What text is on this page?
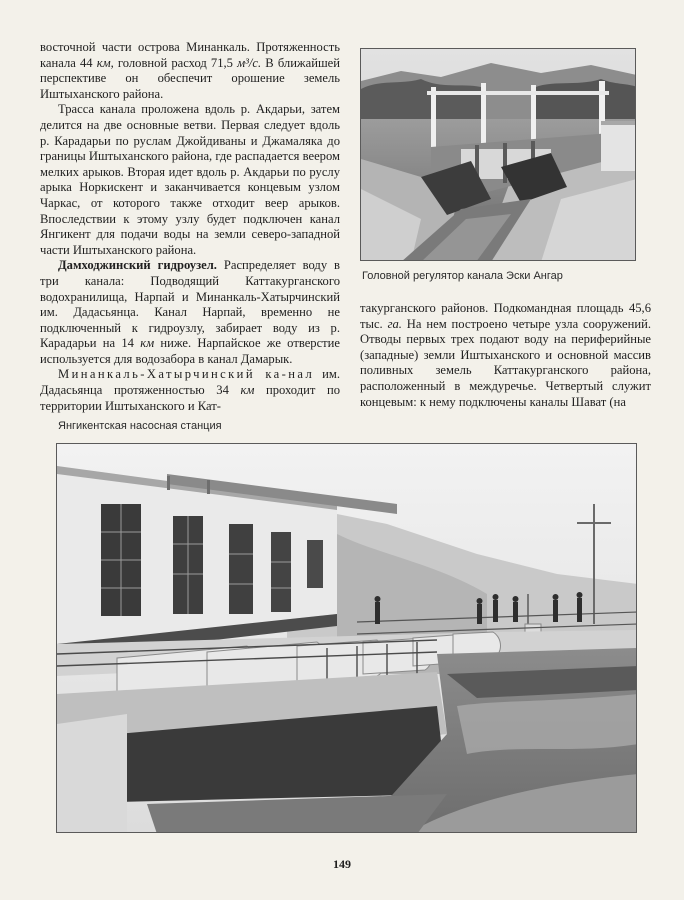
восточной части острова Минанкаль. Протяженность канала 44 км, головной расход 71,5 м³/с. В ближайшей перспективе он обеспечит орошение земель Иштыханского района.

Трасса канала проложена вдоль р. Акдарьи, затем делится на две основные ветви. Первая следует вдоль р. Карадарьи по руслам Джойдиваны и Джамаляка до границы Иштыханского района, где распадается веером мелких арыков. Вторая идет вдоль р. Акдарьи по руслу арыка Норкискент и заканчивается концевым узлом Чаркас, от которого также отходит веер арыков. Впоследствии к этому узлу будет подключен канал Янгикент для подачи воды на земли северо-западной части Иштыханского района.

Дамходжинский гидроузел. Распределяет воду в три канала: Подводящий Каттакурганского водохранилища, Нарпай и Минанкаль-Хатырчинский им. Дадасьянца. Канал Нарпай, временно не подключенный к гидроузлу, забирает воду из р. Карадарьи на 14 км ниже. Нарпайское же отверстие используется для водозабора в канал Дамарык.

Минанкаль-Хатырчинский ка-нал им. Дадасьянца протяженностью 34 км проходит по территории Иштыханского и Кат-

Головной регулятор канала Эски Ангар

такурганского районов. Подкомандная площадь 45,6 тыс. га. На нем построено четыре узла сооружений. Отводы первых трех подают воду на периферийные (западные) земли Иштыханского и основной массив поливных земель Каттакурганского района, расположенный в междуречье. Четвертый служит концевым: к нему подключены каналы Шават (на

Янгикентская насосная станция
149
